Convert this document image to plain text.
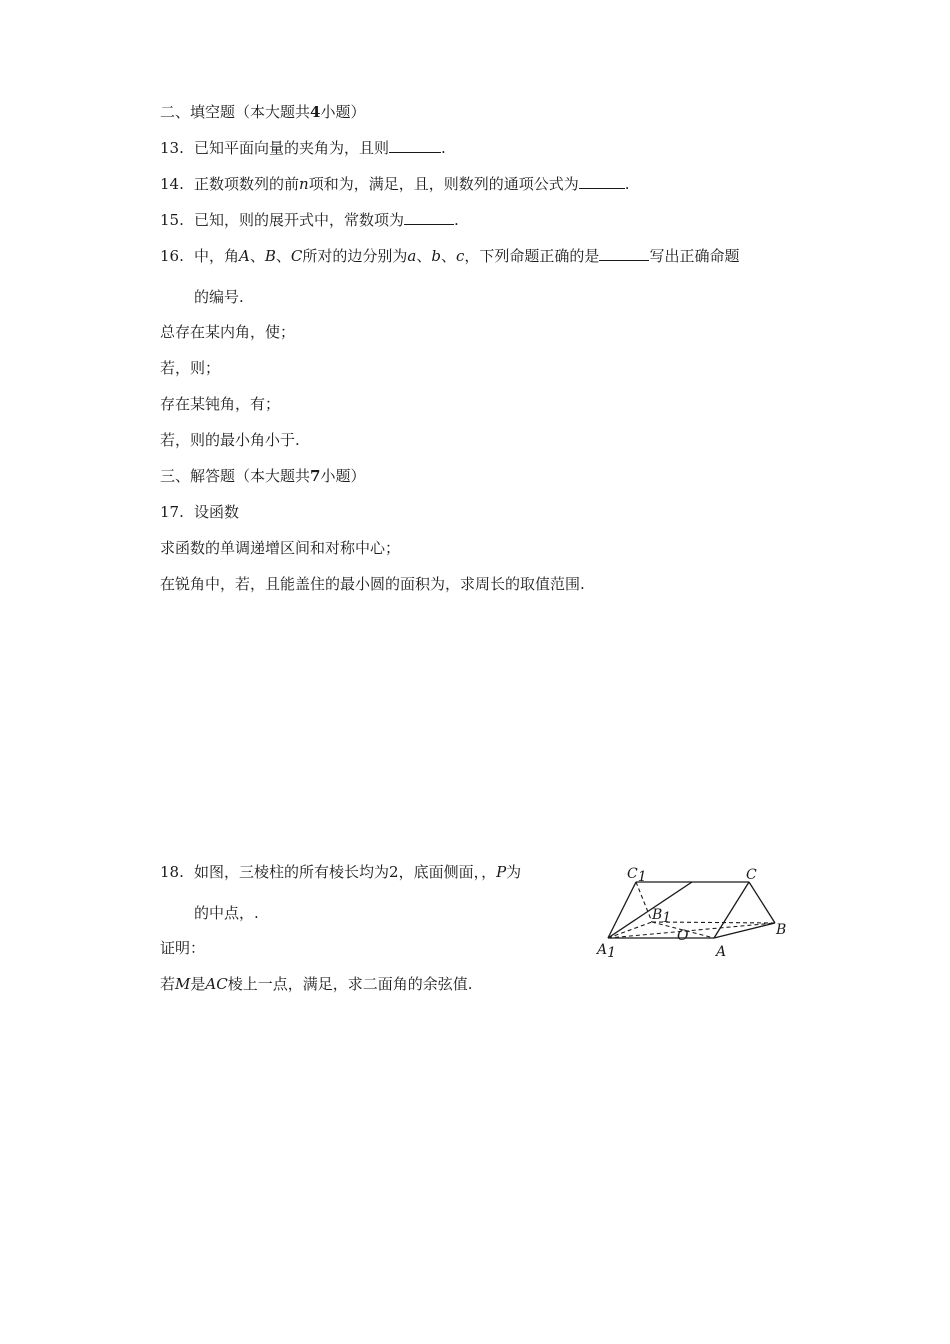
二、填空题（本大题共4小题）
13. 已知平面向量的夹角为，且则	.
14. 正数项数列的前n项和为，满足，且，则数列的通项公式为	.
15. 已知，则的展开式中，常数项为	.
16. 中，角A、B、C所对的边分别为a、b、c，下列命题正确的是	写出正确命题
的编号.
总存在某内角，使；
若，则；
存在某钝角，有；
若，则的最小角小于.
三、解答题（本大题共7小题）
17. 设函数
求函数的单调递增区间和对称中心；
在锐角中，若，且能盖住的最小圆的面积为，求周长的取值范围.
18. 如图，三棱柱的所有棱长均为2，底面侧面，，P为
的中点，.
证明：
若M是AC棱上一点，满足，求二面角的余弦值.
C1	C
B1
O	B
A1	A
